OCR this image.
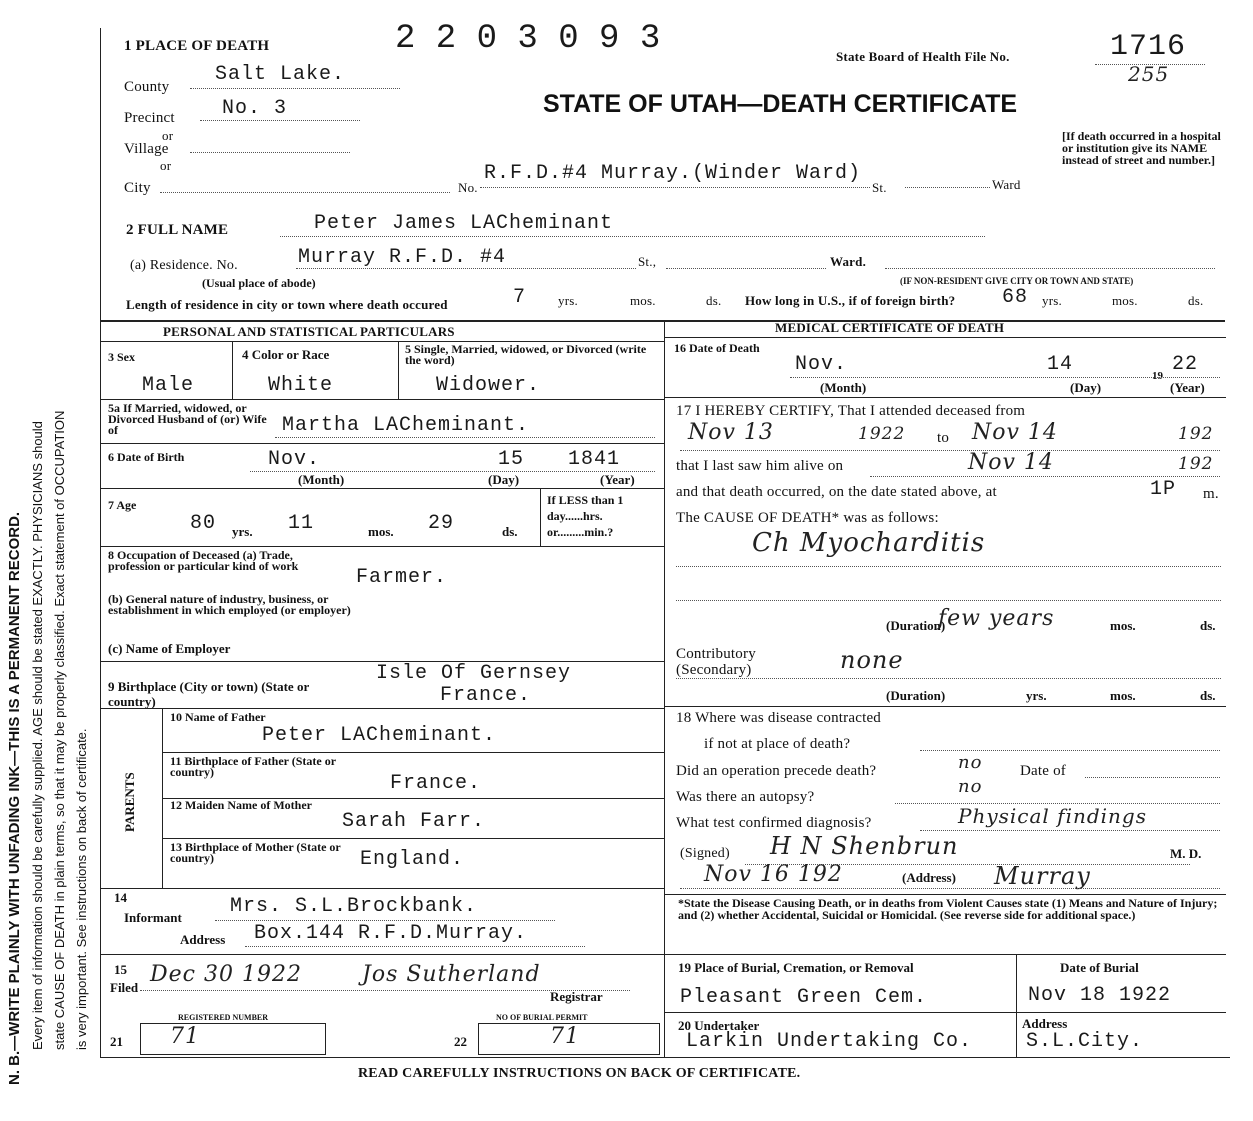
N. B.—WRITE PLAINLY WITH UNFADING INK—THIS IS A PERMANENT RECORD. Every item of information should be carefully supplied. AGE should be stated EXACTLY. PHYSICIANS should state CAUSE OF DEATH in plain terms, so that it may be properly classified. Exact statement of OCCUPATION is very important. See instructions on back of certificate.
1 PLACE OF DEATH	2 2 0 3 0 9 3	State Board of Health File No.	1716
255
STATE OF UTAH—DEATH CERTIFICATE
[If death occurred in a hospital or institution give its NAME instead of street and number.]
County
Salt Lake.
Precinct No. 3
or
Village
or
City	No.
R.F.D.#4 Murray.(Winder Ward)
St.	Ward
2 FULL NAME	Peter James LACheminant
(a) Residence. No.	Murray R.F.D. #4	St.,	Ward.
(Usual place of abode)	(IF NON-RESIDENT GIVE CITY OR TOWN AND STATE)
Length of residence in city or town where death occured	7 yrs.	mos.	ds. How long in U.S., if of foreign birth? 68 yrs.	mos.	ds.
PERSONAL AND STATISTICAL PARTICULARS
3 Sex	4 Color or Race	5 Single, Married, widowed, or Divorced (write the word)
Male	White	Widower.
5a If Married, widowed, or Divorced Husband of (or) Wife of	Martha LACheminant.
6 Date of Birth	Nov.	15 1841
(Month)	(Day)	(Year)
7 Age
80 yrs. 11	mos. 29	ds.
If LESS than 1 day......hrs. or.........min.?
8 Occupation of Deceased (a) Trade, profession or particular kind of work	Farmer.
(b) General nature of industry, business, or establishment in which employed (or employer)
(c) Name of Employer
9 Birthplace (City or town) (State or country)
Isle Of Gernsey
France.
PARENTS
10 Name of Father
Peter LACheminant.
11 Birthplace of Father (State or country)	France.
12 Maiden Name of Mother
Sarah Farr.
13 Birthplace of Mother (State or country)	England.
14
Informant Mrs. S.L.Brockbank.
Address Box.144 R.F.D.Murray.
15
Filed
Dec 30 1922	Jos Sutherland
Registrar
REGISTERED NUMBER
21 71
NO OF BURIAL PERMIT
22	71
MEDICAL CERTIFICATE OF DEATH
16 Date of Death
Nov.	14	19 22
(Month)	(Day)	(Year)
17 I HEREBY CERTIFY, That I attended deceased from
Nov 13	1922 to Nov 14	192
that I last saw him alive on	Nov 14	192
and that death occurred, on the date stated above, at	1P m.
The CAUSE OF DEATH* was as follows:
Ch Myocharditis
(Duration)
few years	mos.	ds.
Contributory (Secondary)	none
(Duration)	yrs.	mos.	ds.
18 Where was disease contracted
if not at place of death?
Did an operation precede death?	no	Date of
Was there an autopsy?	no
What test confirmed diagnosis?	Physical findings
(Signed) H N Shenbrun	M. D.
Nov 16 192	(Address) Murray
*State the Disease Causing Death, or in deaths from Violent Causes state (1) Means and Nature of Injury; and (2) whether Accidental, Suicidal or Homicidal. (See reverse side for additional space.)
19 Place of Burial, Cremation, or Removal	Date of Burial
Pleasant Green Cem.	Nov 18 1922
20 Undertaker	Address
Larkin Undertaking Co.	S.L.City.
READ CAREFULLY INSTRUCTIONS ON BACK OF CERTIFICATE.
